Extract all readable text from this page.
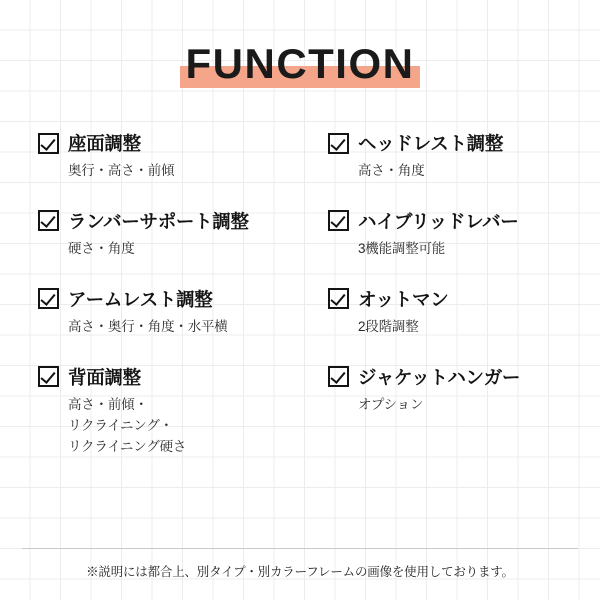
FUNCTION
座面調整
奥行・高さ・前傾
ランバーサポート調整
硬さ・角度
アームレスト調整
高さ・奥行・角度・水平横
背面調整
高さ・前傾・
リクライニング・
リクライニング硬さ
ヘッドレスト調整
高さ・角度
ハイブリッドレバー
3機能調整可能
オットマン
2段階調整
ジャケットハンガー
オプション
※説明には都合上、別タイプ・別カラーフレームの画像を使用しております。
